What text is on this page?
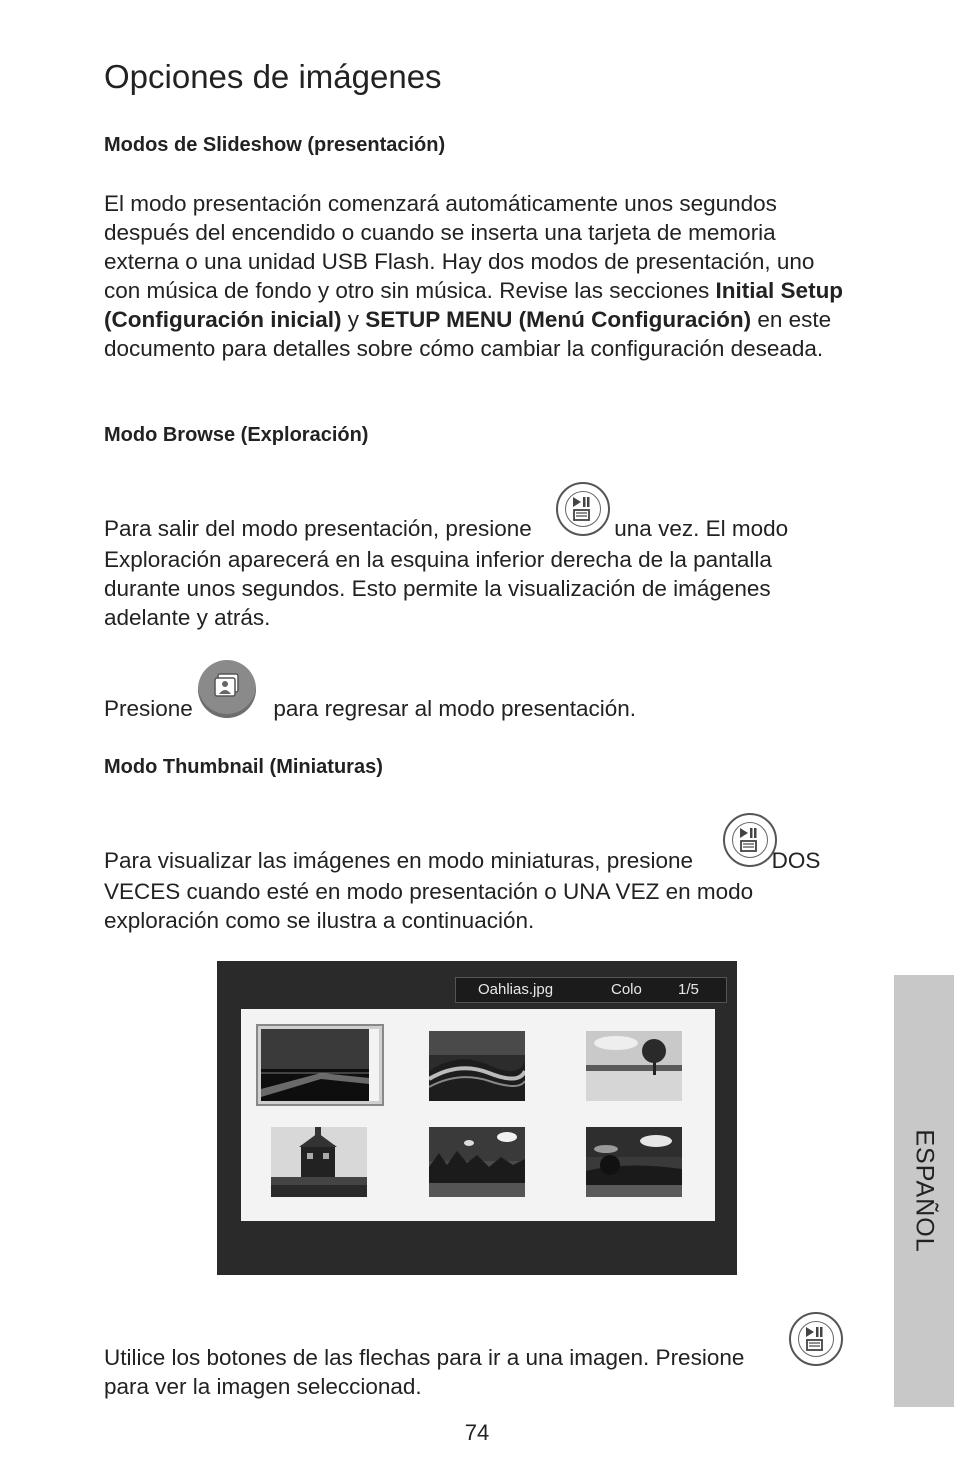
Opciones de imágenes
Modos de Slideshow (presentación)

El modo presentación comenzará automáticamente unos segundos después del encendido o cuando se inserta una tarjeta de memoria externa o una unidad USB Flash. Hay dos modos de presentación, uno con música de fondo y otro sin música. Revise las secciones Initial Setup (Configuración inicial) y SETUP MENU (Menú Configuración) en este documento para detalles sobre cómo cambiar la configuración deseada.

Modo Browse (Exploración)
Para salir del modo presentación, presione	una vez. El modo

Exploración aparecerá en la esquina inferior derecha de la pantalla durante unos segundos. Esto permite la visualización de imágenes adelante y atrás.

Presione	para regresar al modo presentación.
Modo Thumbnail (Miniaturas)
Para visualizar las imágenes en modo miniaturas, presione	DOS

VECES cuando esté en modo presentación o UNA VEZ en modo exploración como se ilustra a continuación.

Oahlias.jpg	Colo 1/5
Utilice los botones de las flechas para ir a una imagen. Presione
para ver la imagen seleccionad.
ESPAÑOL
74
